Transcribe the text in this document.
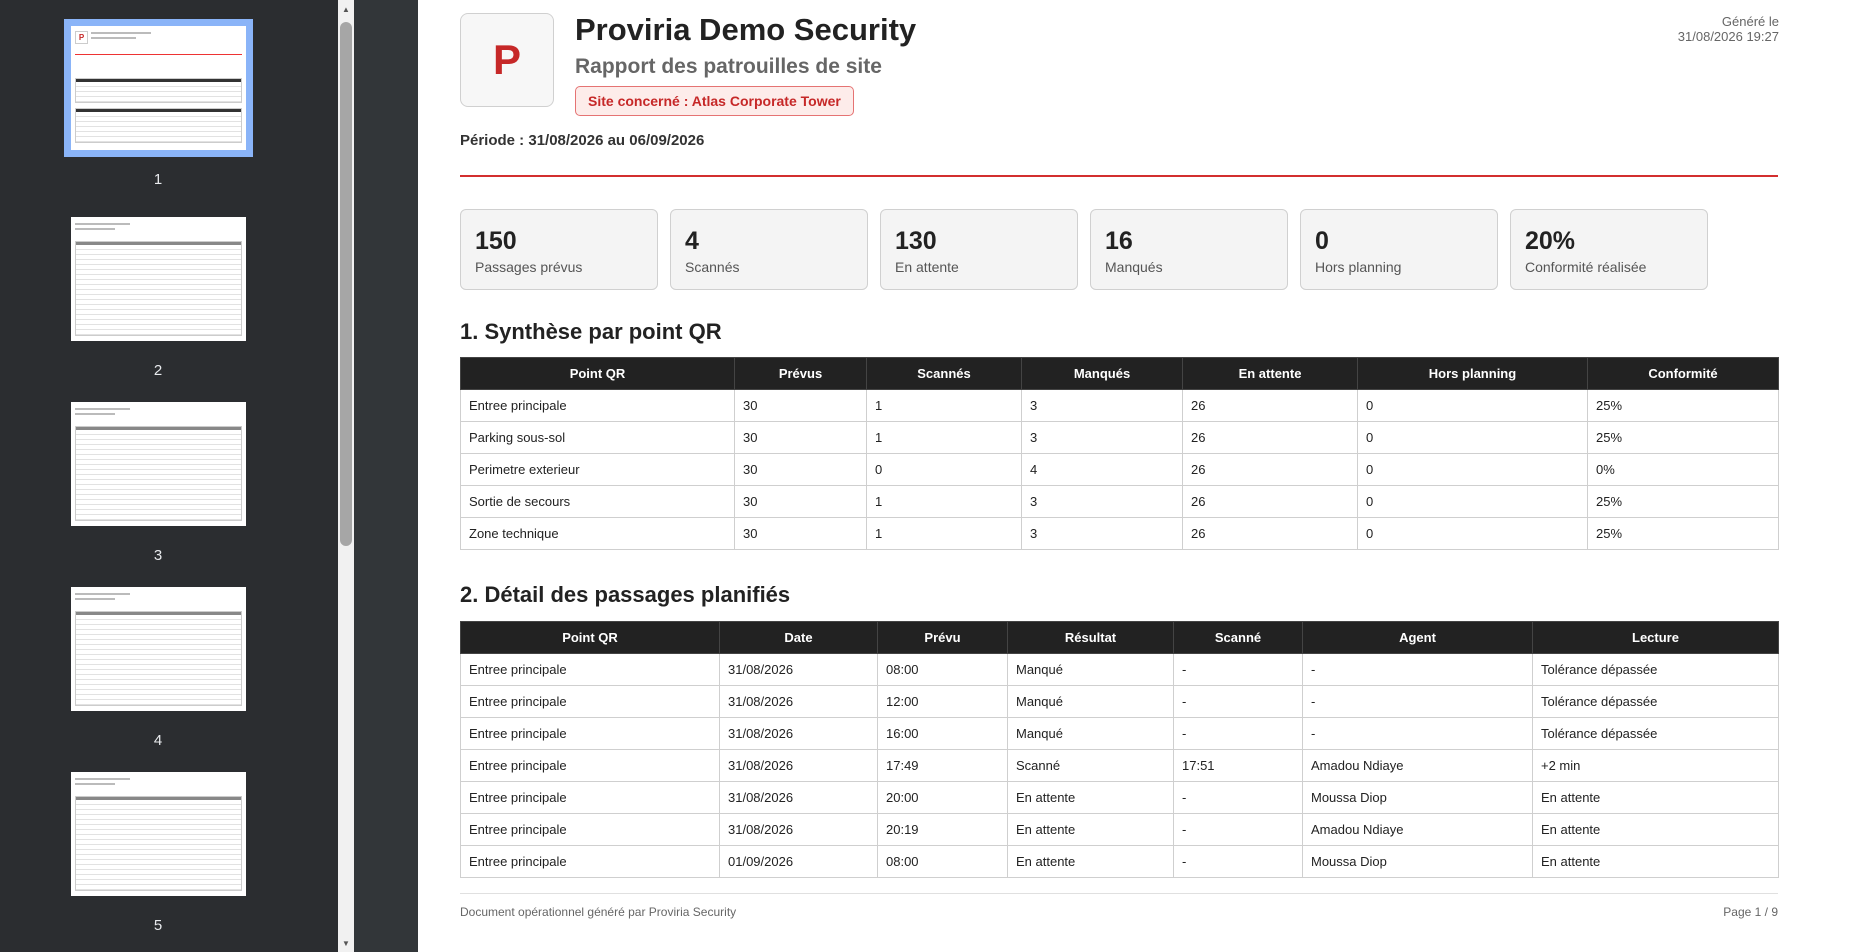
P
1
2
3
4
5
▲
▼
P
Proviria Demo Security
Rapport des patrouilles de site
Site concerné : Atlas Corporate Tower
Période : 31/08/2026 au 06/09/2026
Généré le
31/08/2026 19:27
150
Passages prévus
4
Scannés
130
En attente
16
Manqués
0
Hors planning
20%
Conformité réalisée
1. Synthèse par point QR
Point QR	Prévus	Scannés	Manqués	En attente	Hors planning	Conformité
Entree principale	30	1	3	26	0	25%
Parking sous-sol	30	1	3	26	0	25%
Perimetre exterieur	30	0	4	26	0	0%
Sortie de secours	30	1	3	26	0	25%
Zone technique	30	1	3	26	0	25%
2. Détail des passages planifiés
Point QR	Date	Prévu	Résultat	Scanné	Agent	Lecture
Entree principale	31/08/2026	08:00	Manqué	-	-	Tolérance dépassée
Entree principale	31/08/2026	12:00	Manqué	-	-	Tolérance dépassée
Entree principale	31/08/2026	16:00	Manqué	-	-	Tolérance dépassée
Entree principale	31/08/2026	17:49	Scanné	17:51	Amadou Ndiaye	+2 min
Entree principale	31/08/2026	20:00	En attente	-	Moussa Diop	En attente
Entree principale	31/08/2026	20:19	En attente	-	Amadou Ndiaye	En attente
Entree principale	01/09/2026	08:00	En attente	-	Moussa Diop	En attente
Document opérationnel généré par Proviria Security	Page 1 / 9
